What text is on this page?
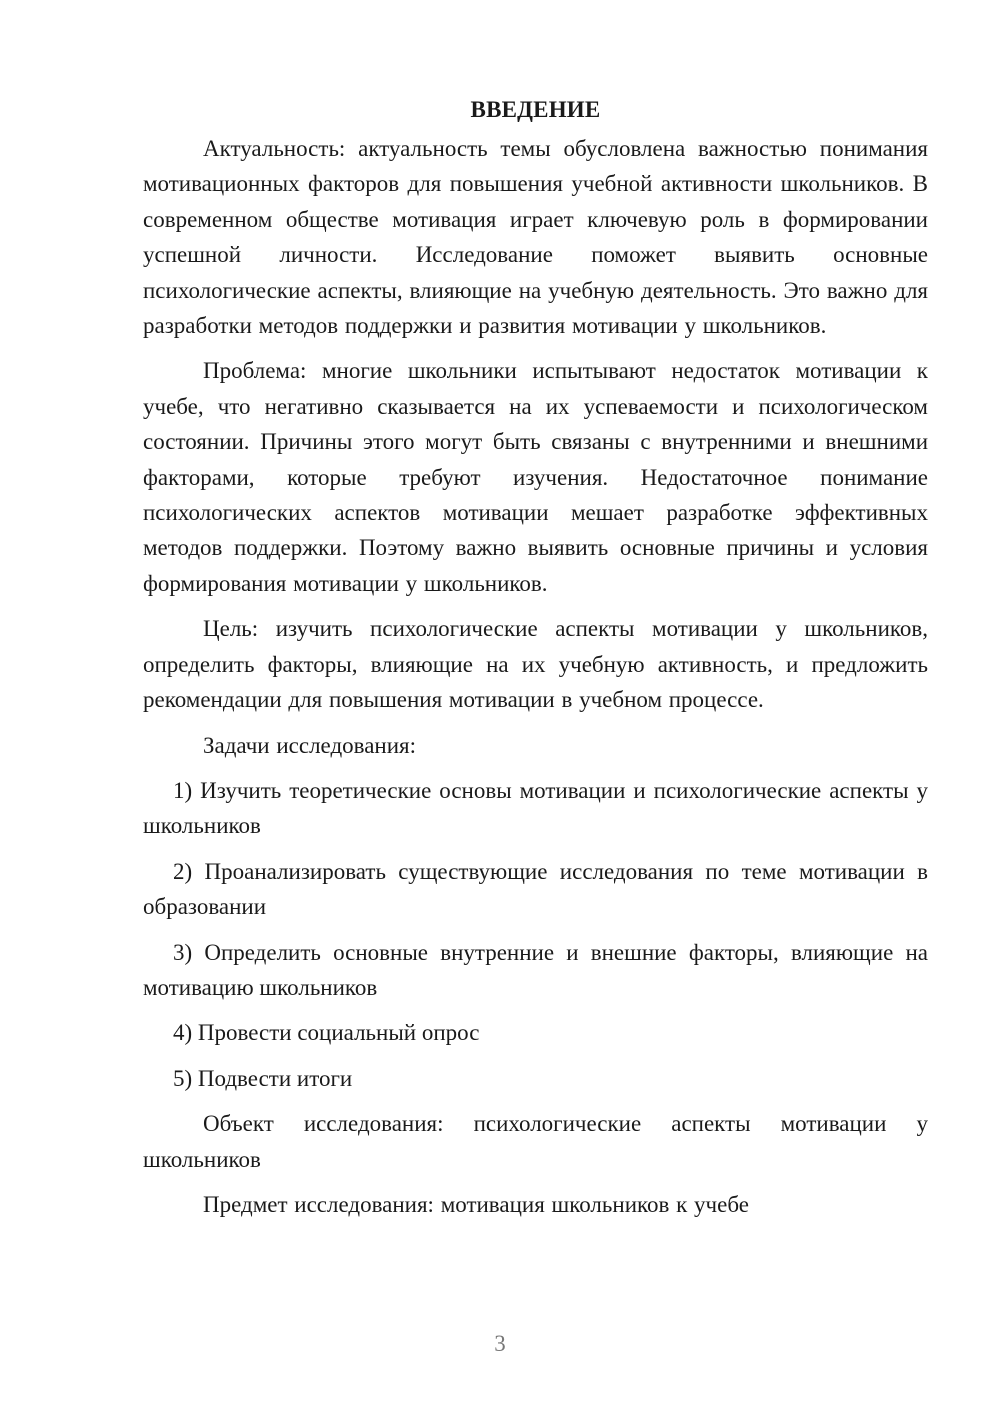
ВВЕДЕНИЕ

Актуальность: актуальность темы обусловлена важностью понимания мотивационных факторов для повышения учебной активности школьников. В современном обществе мотивация играет ключевую роль в формировании успешной личности. Исследование поможет выявить основные психологические аспекты, влияющие на учебную деятельность. Это важно для разработки методов поддержки и развития мотивации у школьников.

Проблема: многие школьники испытывают недостаток мотивации к учебе, что негативно сказывается на их успеваемости и психологическом состоянии. Причины этого могут быть связаны с внутренними и внешними факторами, которые требуют изучения. Недостаточное понимание психологических аспектов мотивации мешает разработке эффективных методов поддержки. Поэтому важно выявить основные причины и условия формирования мотивации у школьников.

Цель: изучить психологические аспекты мотивации у школьников, определить факторы, влияющие на их учебную активность, и предложить рекомендации для повышения мотивации в учебном процессе.

Задачи исследования:

1) Изучить теоретические основы мотивации и психологические аспекты у школьников

2) Проанализировать существующие исследования по теме мотивации в образовании

3) Определить основные внутренние и внешние факторы, влияющие на мотивацию школьников

4) Провести социальный опрос

5) Подвести итоги

Объект исследования: психологические аспекты мотивации у школьников

Предмет исследования: мотивация школьников к учебе

3
